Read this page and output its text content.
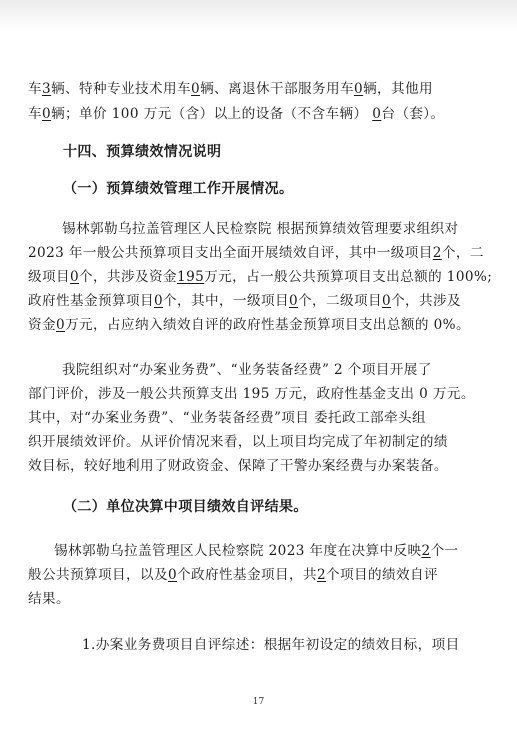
车3辆、特种专业技术用车0辆、离退休干部服务用车0辆，其他用
车0辆；单价 100 万元（含）以上的设备（不含车辆） 0台（套）。
十四、预算绩效情况说明
（一）预算绩效管理工作开展情况。
锡林郭勒乌拉盖管理区人民检察院 根据预算绩效管理要求组织对
2023 年一般公共预算项目支出全面开展绩效自评，其中一级项目2个，二
级项目0个，共涉及资金195万元，占一般公共预算项目支出总额的 100%;
政府性基金预算项目0个，其中，一级项目0个，二级项目0个，共涉及
资金0万元，占应纳入绩效自评的政府性基金预算项目支出总额的 0%。
我院组织对“办案业务费”、“业务装备经费” 2 个项目开展了
部门评价，涉及一般公共预算支出 195 万元，政府性基金支出 0 万元。
其中，对“办案业务费”、“业务装备经费”项目 委托政工部牵头组
织开展绩效评价。从评价情况来看，以上项目均完成了年初制定的绩
效目标，较好地利用了财政资金、保障了干警办案经费与办案装备。
（二）单位决算中项目绩效自评结果。
锡林郭勒乌拉盖管理区人民检察院 2023 年度在决算中反映2个一
般公共预算项目，以及0个政府性基金项目，共2个项目的绩效自评
结果。
1.办案业务费项目自评综述：根据年初设定的绩效目标，项目
17
